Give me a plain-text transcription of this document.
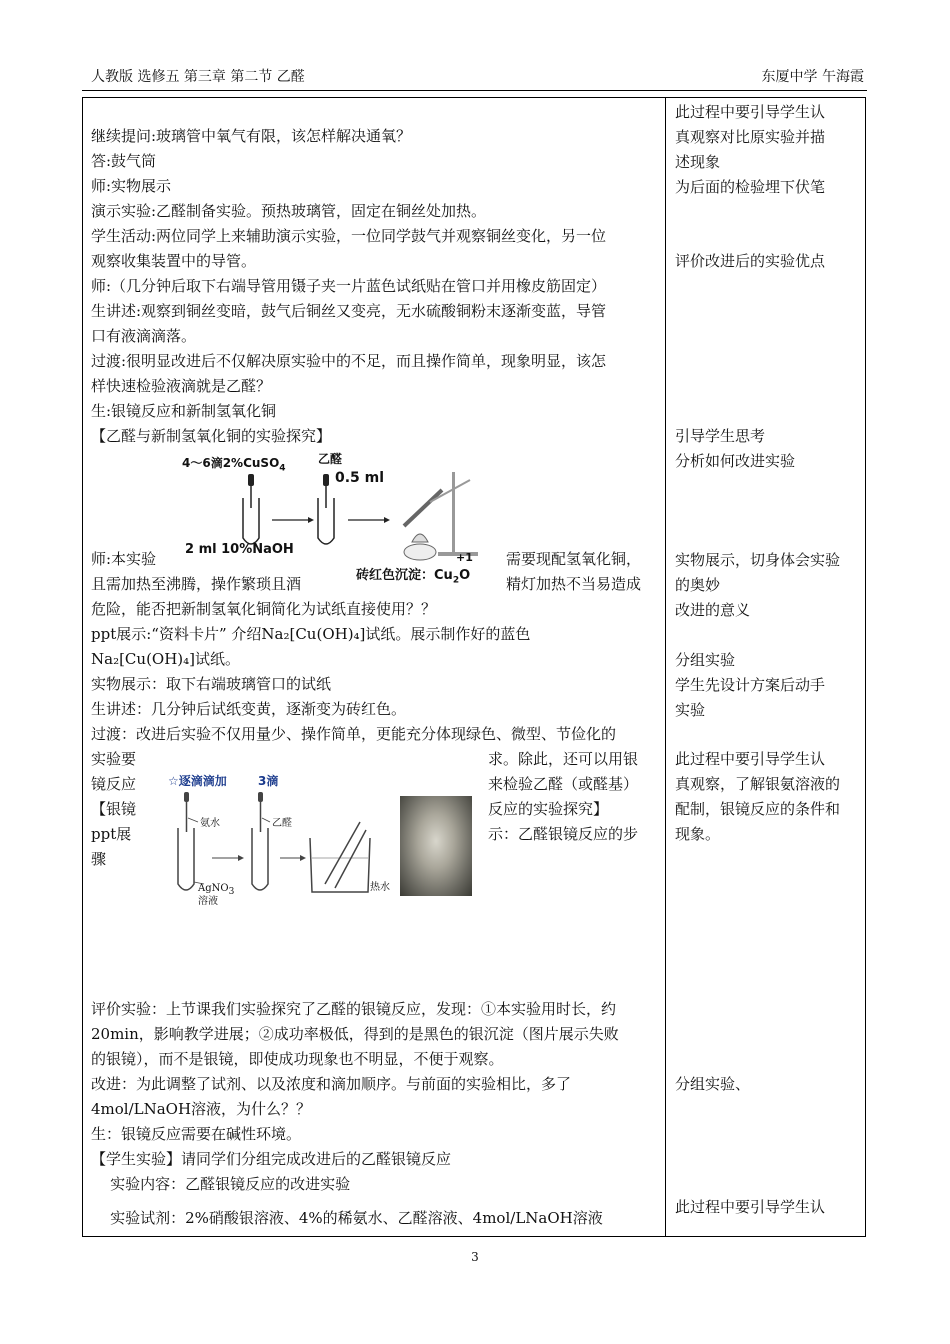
人教版 选修五 第三章 第二节 乙醛	东厦中学 午海霞
继续提问:玻璃管中氧气有限，该怎样解决通氧？
答:鼓气筒
师:实物展示
演示实验:乙醛制备实验。预热玻璃管，固定在铜丝处加热。
学生活动:两位同学上来辅助演示实验，一位同学鼓气并观察铜丝变化，另一位
观察收集装置中的导管。
师:（几分钟后取下右端导管用镊子夹一片蓝色试纸贴在管口并用橡皮筋固定）
生讲述:观察到铜丝变暗，鼓气后铜丝又变亮，无水硫酸铜粉末逐渐变蓝，导管
口有液滴滴落。
过渡:很明显改进后不仅解决原实验中的不足，而且操作简单，现象明显，该怎
样快速检验液滴就是乙醛？
生:银镜反应和新制氢氧化铜
【乙醛与新制氢氧化铜的实验探究】
4～6滴2%CuSO$_4$
乙醛
0.5 ml
2 ml 10%NaOH
砖红色沉淀：$Cu_2O$
+1
师:本实验	需要现配氢氧化铜，
且需加热至沸腾，操作繁琐且酒	精灯加热不当易造成
危险，能否把新制氢氧化铜简化为试纸直接使用？？
ppt展示:“资料卡片” 介绍Na₂[Cu(OH)₄]试纸。展示制作好的蓝色
Na₂[Cu(OH)₄]试纸。
实物展示：取下右端玻璃管口的试纸
生讲述：几分钟后试纸变黄，逐渐变为砖红色。
过渡：改进后实验不仅用量少、操作简单，更能充分体现绿色、微型、节俭化的
实验要	求。除此，还可以用银
镜反应	来检验乙醛（或醛基）
【银镜	反应的实验探究】
ppt展	示：乙醛银镜反应的步
骤
☆逐滴滴加	3滴
氨水	乙醛
AgNO$_3$
溶液
热水
评价实验：上节课我们实验探究了乙醛的银镜反应，发现：①本实验用时长，约
20min，影响教学进展；②成功率极低，得到的是黑色的银沉淀（图片展示失败
的银镜），而不是银镜，即使成功现象也不明显，不便于观察。
改进：为此调整了试剂、以及浓度和滴加顺序。与前面的实验相比，多了
4mol/LNaOH溶液，为什么？？
生：银镜反应需要在碱性环境。
【学生实验】请同学们分组完成改进后的乙醛银镜反应
实验内容：乙醛银镜反应的改进实验
实验试剂：2%硝酸银溶液、4%的稀氨水、乙醛溶液、4mol/LNaOH溶液
此过程中要引导学生认
真观察对比原实验并描
述现象
为后面的检验埋下伏笔
评价改进后的实验优点
引导学生思考
分析如何改进实验
实物展示，切身体会实验
的奥妙
改进的意义
分组实验
学生先设计方案后动手
实验
此过程中要引导学生认
真观察，了解银氨溶液的
配制，银镜反应的条件和
现象。
分组实验、
此过程中要引导学生认
3
